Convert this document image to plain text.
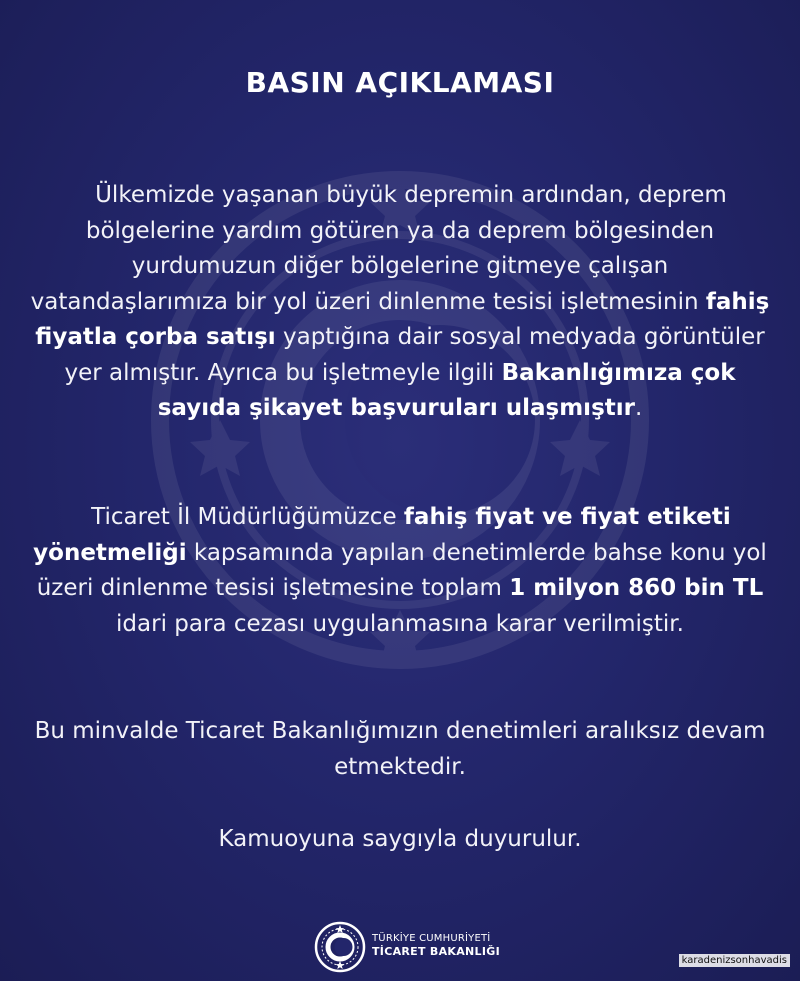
BASIN AÇIKLAMASI
Ülkemizde yaşanan büyük depremin ardından, deprem bölgelerine yardım götüren ya da deprem bölgesinden yurdumuzun diğer bölgelerine gitmeye çalışan vatandaşlarımıza bir yol üzeri dinlenme tesisi işletmesinin fahiş fiyatla çorba satışı yaptığına dair sosyal medyada görüntüler yer almıştır. Ayrıca bu işletmeyle ilgili Bakanlığımıza çok sayıda şikayet başvuruları ulaşmıştır.
Ticaret İl Müdürlüğümüzce fahiş fiyat ve fiyat etiketi yönetmeliği kapsamında yapılan denetimlerde bahse konu yol üzeri dinlenme tesisi işletmesine toplam 1 milyon 860 bin TL idari para cezası uygulanmasına karar verilmiştir.
Bu minvalde Ticaret Bakanlığımızın denetimleri aralıksız devam etmektedir.
Kamuoyuna saygıyla duyurulur.
TÜRKİYE CUMHURİYETİ
TİCARET BAKANLIĞI
karadenizsonhavadis
